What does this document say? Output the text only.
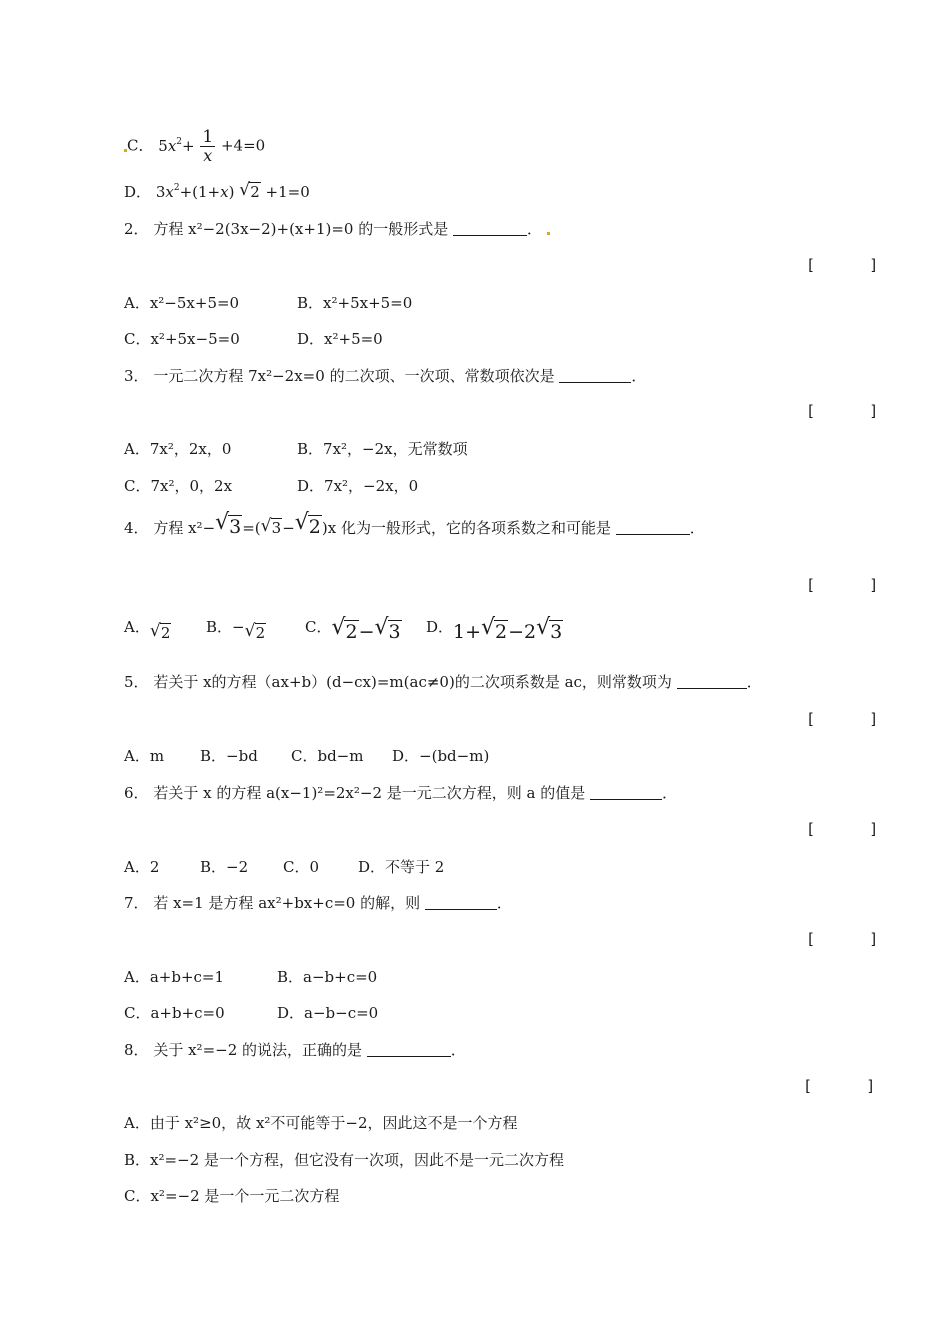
C． $5x^2+ \frac{1}{x} +4=0$
D． $3x^2+(1+x)$ √ 2 +1=0
2． 方程 x²−2(3x−2)+(x+1)=0 的一般形式是	．
[      ]
A．x²−5x+5=0	B．x²+5x+5=0
C．x²+5x−5=0	D．x²+5=0
3． 一元二次方程 7x²−2x=0 的二次项、一次项、常数项依次是	．
[      ]
A．7x²，2x，0	B．7x²，−2x，无常数项
C．7x²，0，2x	D．7x²，−2x，0
4． 方程 x²− √ 3=( √ 3− √ 2)x 化为一般形式，它的各项系数之和可能是	．
[      ]
A． √ 2 B．− √ 2	C． √ 2− √ 3 D．1+ √ 2−2 √ 3
5． 若关于 x的方程（ax+b）(d−cx)=m(ac≠0)的二次项系数是 ac，则常数项为	．
[      ]
A．m B．−bd C．bd−m D．−(bd−m)
6． 若关于 x 的方程 a(x−1)²=2x²−2 是一元二次方程，则 a 的值是	．
[      ]
A．2	B．−2 C．0	D．不等于 2
7． 若 x=1 是方程 ax²+bx+c=0 的解，则	．
[      ]
A．a+b+c=1	B．a−b+c=0
C．a+b+c=0	D．a−b−c=0
8． 关于 x²=−2 的说法，正确的是	．
[      ]
A．由于 x²≥0，故 x²不可能等于−2，因此这不是一个方程
B．x²=−2 是一个方程，但它没有一次项，因此不是一元二次方程
C．x²=−2 是一个一元二次方程
